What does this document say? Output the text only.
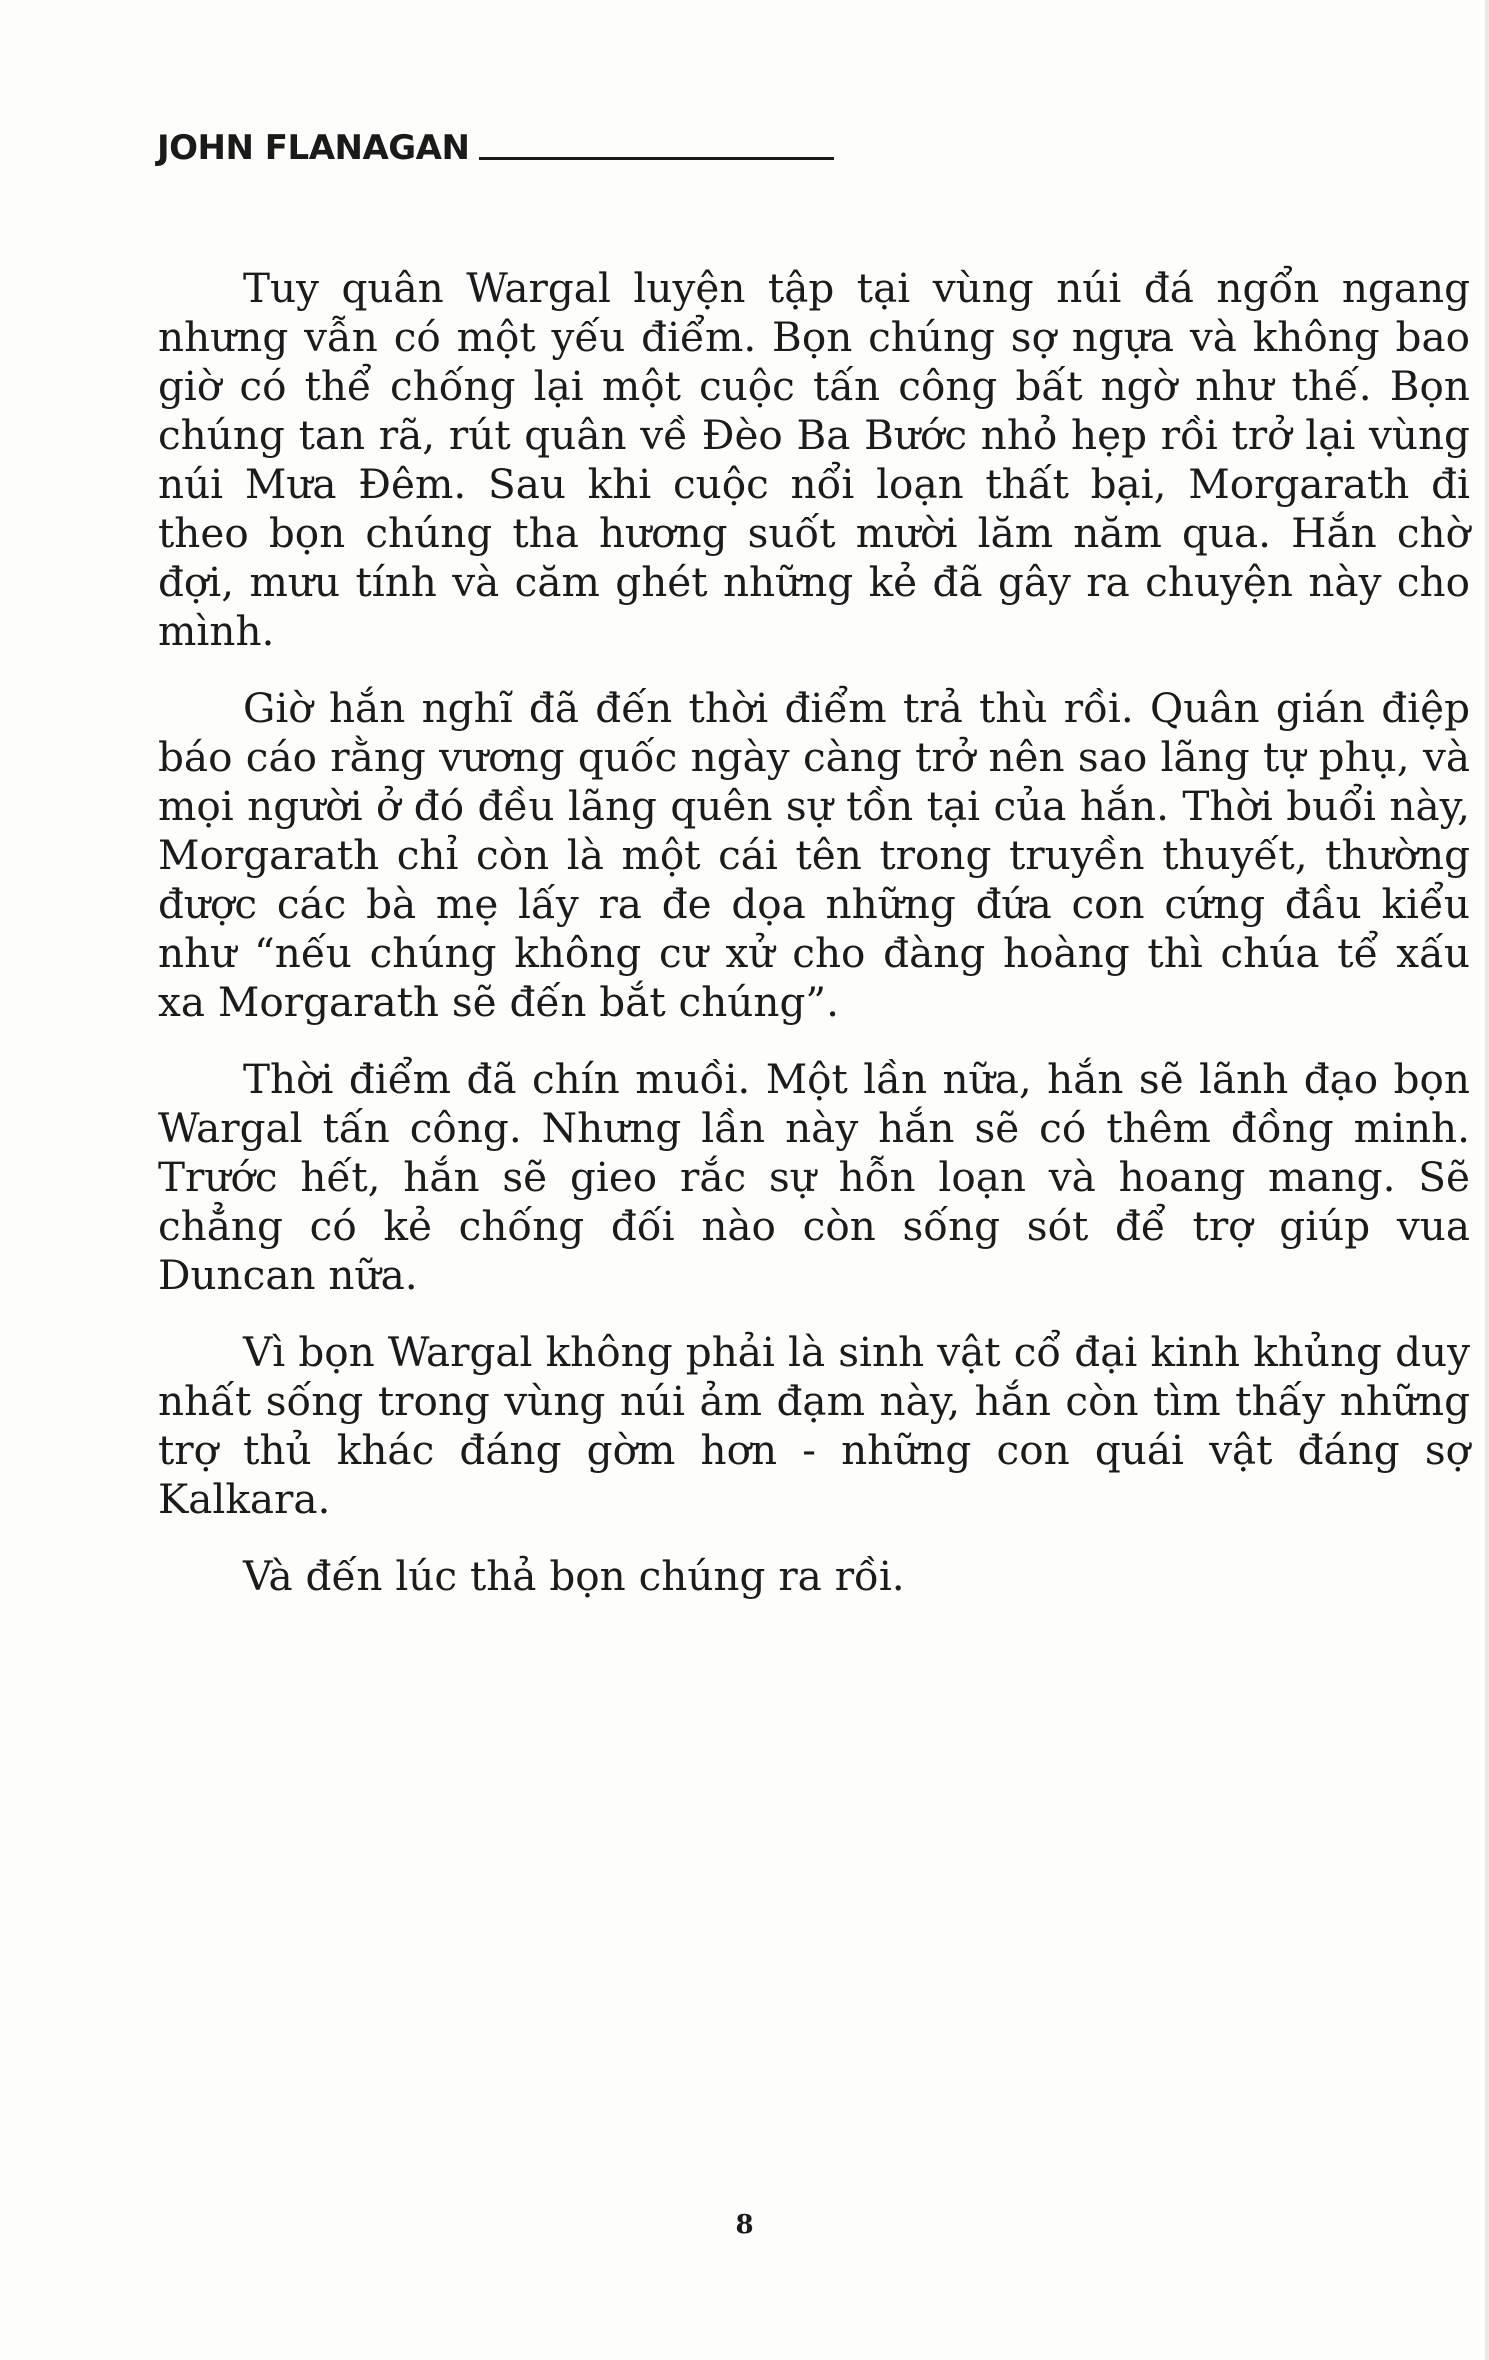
JOHN FLANAGAN

Tuy quân Wargal luyện tập tại vùng núi đá ngổn ngang nhưng vẫn có một yếu điểm. Bọn chúng sợ ngựa và không bao giờ có thể chống lại một cuộc tấn công bất ngờ như thế. Bọn chúng tan rã, rút quân về Đèo Ba Bước nhỏ hẹp rồi trở lại vùng núi Mưa Đêm. Sau khi cuộc nổi loạn thất bại, Morgarath đi theo bọn chúng tha hương suốt mười lăm năm qua. Hắn chờ đợi, mưu tính và căm ghét những kẻ đã gây ra chuyện này cho mình.

Giờ hắn nghĩ đã đến thời điểm trả thù rồi. Quân gián điệp báo cáo rằng vương quốc ngày càng trở nên sao lãng tự phụ, và mọi người ở đó đều lãng quên sự tồn tại của hắn. Thời buổi này, Morgarath chỉ còn là một cái tên trong truyền thuyết, thường được các bà mẹ lấy ra đe dọa những đứa con cứng đầu kiểu như “nếu chúng không cư xử cho đàng hoàng thì chúa tể xấu xa Morgarath sẽ đến bắt chúng”.

Thời điểm đã chín muồi. Một lần nữa, hắn sẽ lãnh đạo bọn Wargal tấn công. Nhưng lần này hắn sẽ có thêm đồng minh. Trước hết, hắn sẽ gieo rắc sự hỗn loạn và hoang mang. Sẽ chẳng có kẻ chống đối nào còn sống sót để trợ giúp vua Duncan nữa.

Vì bọn Wargal không phải là sinh vật cổ đại kinh khủng duy nhất sống trong vùng núi ảm đạm này, hắn còn tìm thấy những trợ thủ khác đáng gờm hơn - những con quái vật đáng sợ Kalkara.

Và đến lúc thả bọn chúng ra rồi.

8
